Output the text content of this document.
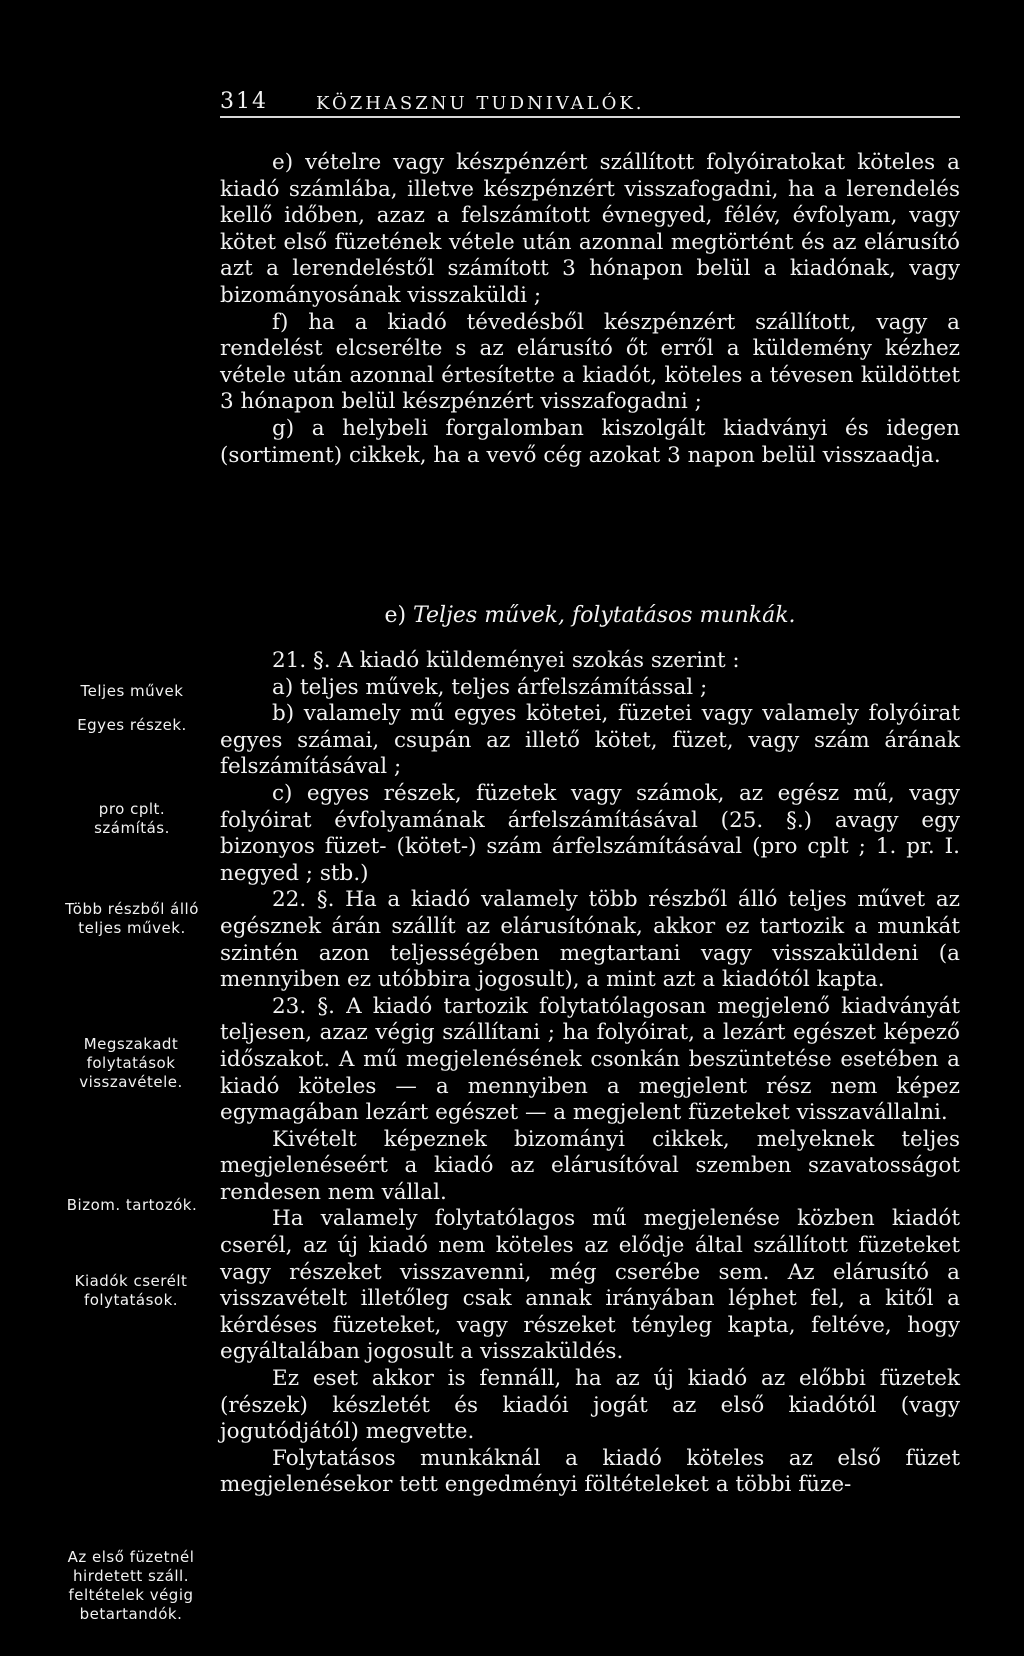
314	KÖZHASZNU TUDNIVALÓK.

e) vételre vagy készpénzért szállított folyóiratokat köteles a kiadó számlába, illetve készpénzért visszafogadni, ha a lerendelés kellő időben, azaz a felszámított évnegyed, félév, évfolyam, vagy kötet első füzetének vétele után azonnal megtörtént és az elárusító azt a lerendeléstől számított 3 hónapon belül a kiadónak, vagy bizományosának visszaküldi ;

f) ha a kiadó tévedésből készpénzért szállított, vagy a rendelést elcserélte s az elárusító őt erről a küldemény kézhez vétele után azonnal értesítette a kiadót, köteles a tévesen küldöttet 3 hónapon belül készpénzért visszafogadni ;

g) a helybeli forgalomban kiszolgált kiadványi és idegen (sortiment) cikkek, ha a vevő cég azokat 3 napon belül visszaadja.

e) Teljes művek, folytatásos munkák.

21. §. A kiadó küldeményei szokás szerint :

a) teljes művek, teljes árfelszámítással ;

b) valamely mű egyes kötetei, füzetei vagy valamely folyóirat egyes számai, csupán az illető kötet, füzet, vagy szám árának felszámításával ;

c) egyes részek, füzetek vagy számok, az egész mű, vagy folyóirat évfolyamának árfelszámításával (25. §.) avagy egy bizonyos füzet- (kötet-) szám árfelszámításával (pro cplt ; 1. pr. I. negyed ; stb.)

22. §. Ha a kiadó valamely több részből álló teljes művet az egésznek árán szállít az elárusítónak, akkor ez tartozik a munkát szintén azon teljességében megtartani vagy visszaküldeni (a mennyiben ez utóbbira jogosult), a mint azt a kiadótól kapta.

23. §. A kiadó tartozik folytatólagosan megjelenő kiadványát teljesen, azaz végig szállítani ; ha folyóirat, a lezárt egészet képező időszakot. A mű megjelenésének csonkán beszüntetése esetében a kiadó köteles — a mennyiben a megjelent rész nem képez egymagában lezárt egészet — a megjelent füzeteket visszavállalni.

Kivételt képeznek bizományi cikkek, melyeknek teljes megjelenéseért a kiadó az elárusítóval szemben szavatosságot rendesen nem vállal.

Ha valamely folytatólagos mű megjelenése közben kiadót cserél, az új kiadó nem köteles az elődje által szállított füzeteket vagy részeket visszavenni, még cserébe sem. Az elárusító a visszavételt illetőleg csak annak irányában léphet fel, a kitől a kérdéses füzeteket, vagy részeket tényleg kapta, feltéve, hogy egyáltalában jogosult a visszaküldés.

Ez eset akkor is fennáll, ha az új kiadó az előbbi füzetek (részek) készletét és kiadói jogát az első kiadótól (vagy jogutódjától) megvette.

Folytatásos munkáknál a kiadó köteles az első füzet megjelenésekor tett engedményi föltételeket a többi füze-

Teljes művek
Egyes részek.
pro cplt. számítás.
Több részből álló teljes művek.
Megszakadt folytatások visszavétele.
Bizom. tartozók.
Kiadók cserélt folytatások.
Az első füzetnél hirdetett száll. feltételek végig betartandók.
